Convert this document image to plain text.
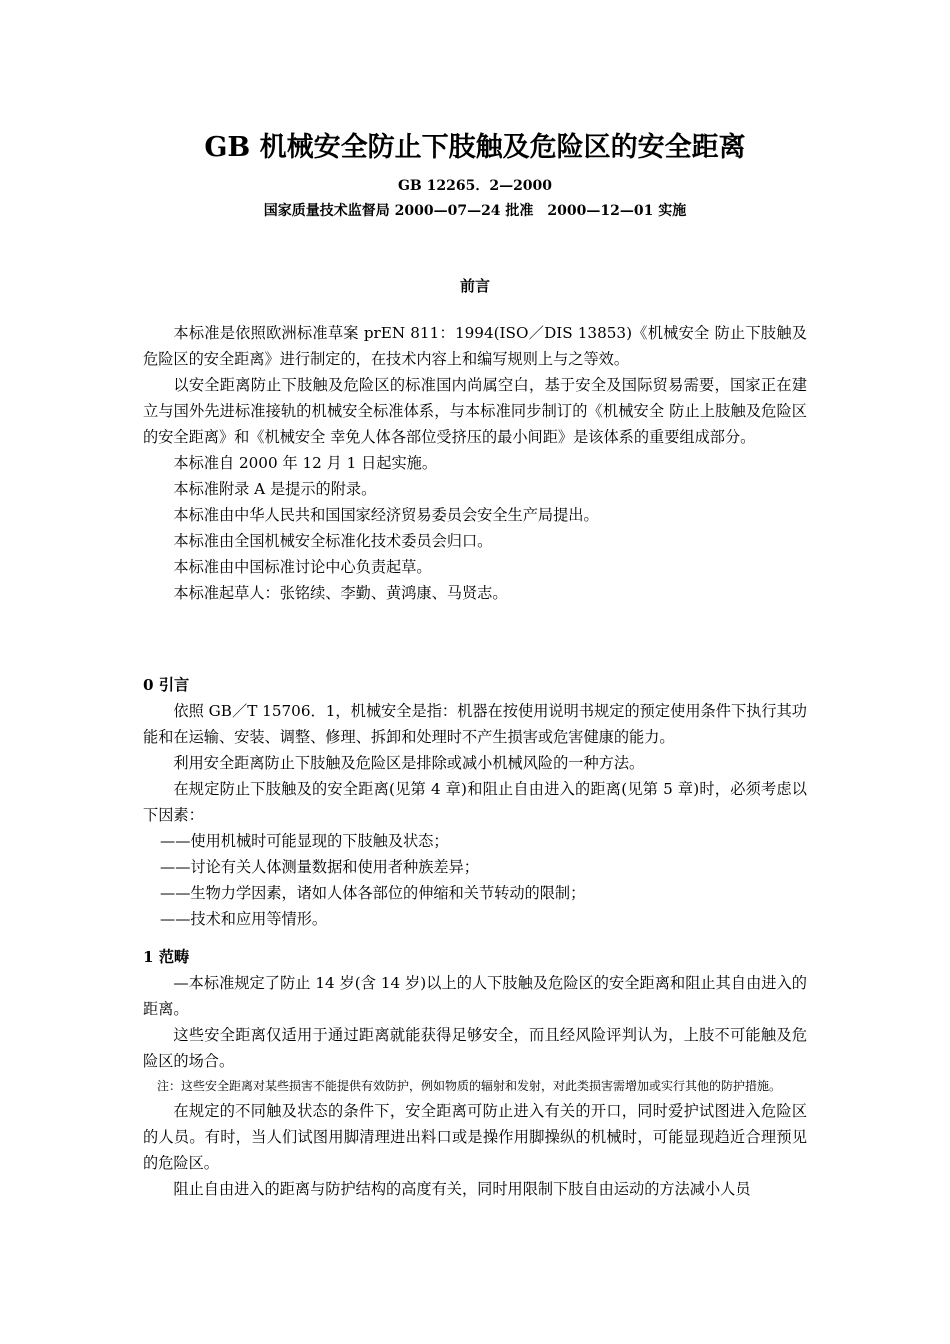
GB 机械安全防止下肢触及危险区的安全距离
GB 12265．2—2000
国家质量技术监督局 2000—07—24 批准　2000—12—01 实施
前言

本标准是依照欧洲标准草案 prEN 811：1994(ISO／DIS 13853)《机械安全 防止下肢触及危险区的安全距离》进行制定的，在技术内容上和编写规则上与之等效。

以安全距离防止下肢触及危险区的标准国内尚属空白，基于安全及国际贸易需要，国家正在建立与国外先进标准接轨的机械安全标准体系，与本标准同步制订的《机械安全 防止上肢触及危险区的安全距离》和《机械安全 幸免人体各部位受挤压的最小间距》是该体系的重要组成部分。

本标准自 2000 年 12 月 1 日起实施。

本标准附录 A 是提示的附录。

本标准由中华人民共和国国家经济贸易委员会安全生产局提出。

本标准由全国机械安全标准化技术委员会归口。

本标准由中国标准讨论中心负责起草。

本标准起草人：张铭续、李勤、黄鸿康、马贤志。

0 引言

依照 GB／T 15706．1，机械安全是指：机器在按使用说明书规定的预定使用条件下执行其功能和在运输、安装、调整、修理、拆卸和处理时不产生损害或危害健康的能力。

利用安全距离防止下肢触及危险区是排除或减小机械风险的一种方法。

在规定防止下肢触及的安全距离(见第 4 章)和阻止自由进入的距离(见第 5 章)时，必须考虑以下因素：

——使用机械时可能显现的下肢触及状态；

——讨论有关人体测量数据和使用者种族差异；

——生物力学因素，诸如人体各部位的伸缩和关节转动的限制；

——技术和应用等情形。

1 范畴

—本标准规定了防止 14 岁(含 14 岁)以上的人下肢触及危险区的安全距离和阻止其自由进入的距离。

这些安全距离仅适用于通过距离就能获得足够安全，而且经风险评判认为，上肢不可能触及危险区的场合。

注：这些安全距离对某些损害不能提供有效防护，例如物质的辐射和发射，对此类损害需增加或实行其他的防护措施。

在规定的不同触及状态的条件下，安全距离可防止进入有关的开口，同时爱护试图进入危险区的人员。有时，当人们试图用脚清理进出料口或是操作用脚操纵的机械时，可能显现趋近合理预见的危险区。

阻止自由进入的距离与防护结构的高度有关，同时用限制下肢自由运动的方法减小人员
